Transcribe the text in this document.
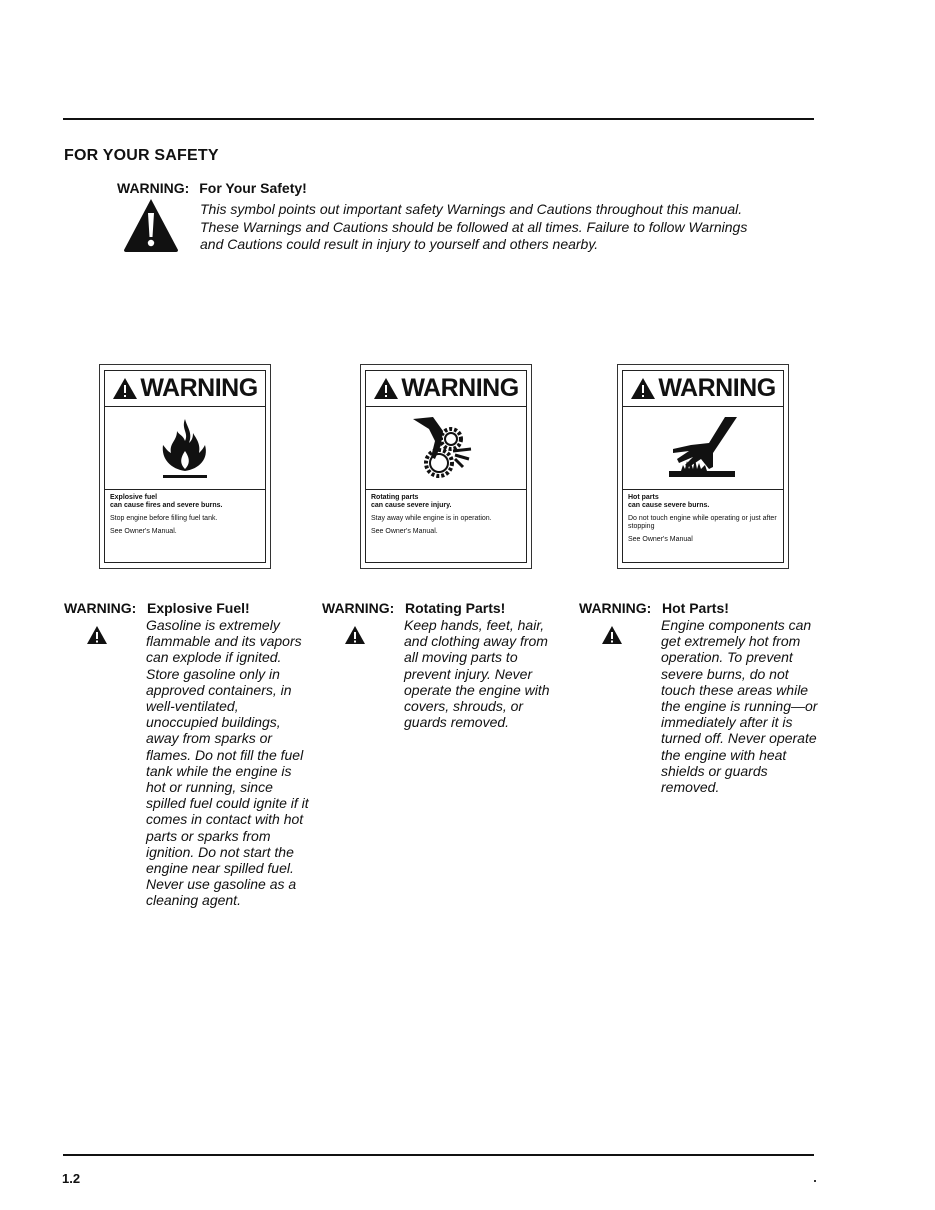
FOR YOUR SAFETY
WARNING: For Your Safety!
This symbol points out important safety Warnings and Cautions throughout this manual. These Warnings and Cautions should be followed at all times. Failure to follow Warnings and Cautions could result in injury to yourself and others nearby.
WARNING

Explosive fuel
can cause fires and severe burns.

Stop engine before filling fuel tank.

See Owner's Manual.

WARNING

Rotating parts
can cause severe injury.

Stay away while engine is in operation.

See Owner's Manual.

WARNING

Hot parts
can cause severe burns.

Do not touch engine while operating or just after stopping

See Owner's Manual

WARNING: Explosive Fuel!
Gasoline is extremely flammable and its vapors can explode if ignited. Store gasoline only in approved containers, in well-ventilated, unoccupied buildings, away from sparks or flames. Do not fill the fuel tank while the engine is hot or running, since spilled fuel could ignite if it comes in contact with hot parts or sparks from ignition. Do not start the engine near spilled fuel. Never use gasoline as a cleaning agent.
WARNING: Rotating Parts!
Keep hands, feet, hair, and clothing away from all moving parts to prevent injury. Never operate the engine with covers, shrouds, or guards removed.
WARNING: Hot Parts!
Engine components can get extremely hot from operation. To prevent severe burns, do not touch these areas while the engine is running—or immediately after it is turned off. Never operate the engine with heat shields or guards removed.
1.2
